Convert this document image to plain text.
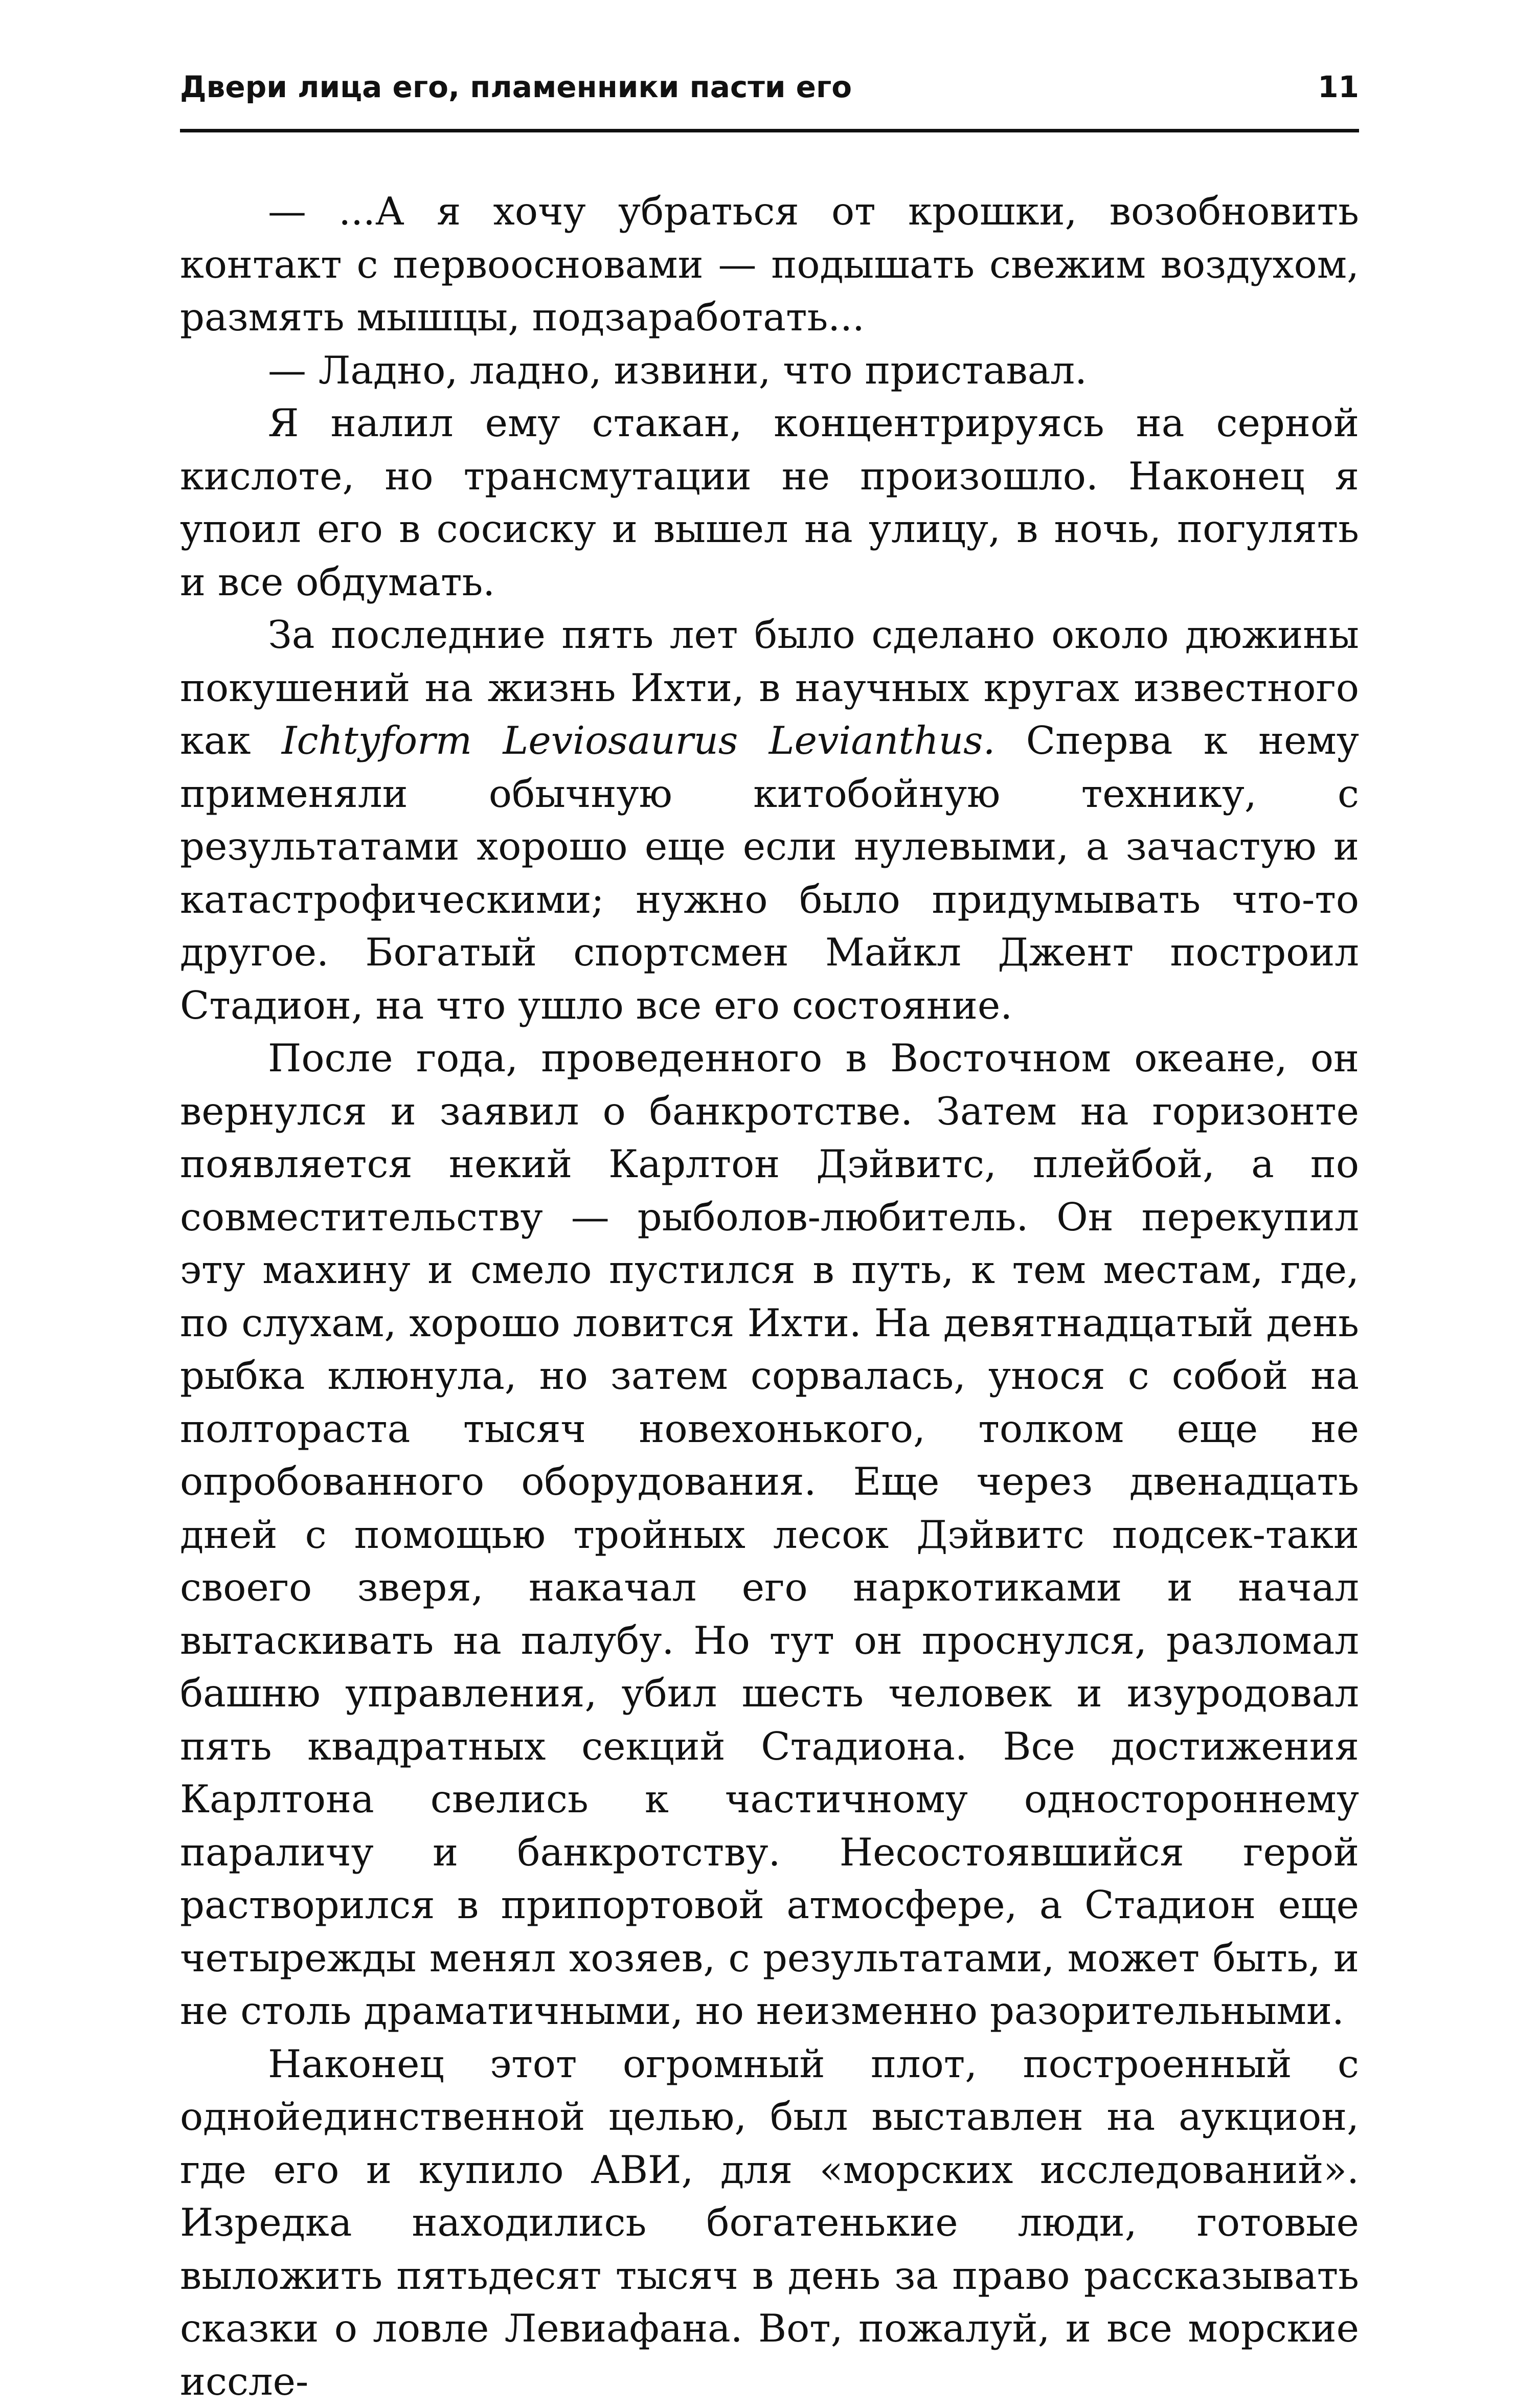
Двери лица его, пламенники пасти его	11

— ...А я хочу убраться от крошки, возобновить контакт с первоосновами — подышать свежим воздухом, размять мышцы, подзаработать...

— Ладно, ладно, извини, что приставал.

Я налил ему стакан, концентрируясь на серной кислоте, но трансмутации не произошло. Наконец я упоил его в сосиску и вышел на улицу, в ночь, погулять и все обдумать.

За последние пять лет было сделано около дюжины покушений на жизнь Ихти, в научных кругах известного как Ichtyform Leviosaurus Levianthus. Сперва к нему применяли обычную китобойную технику, с результатами хорошо еще если нулевыми, а зачастую и катастрофическими; нужно было придумывать что-то другое. Богатый спортсмен Майкл Джент построил Стадион, на что ушло все его состояние.

После года, проведенного в Восточном океане, он вернулся и заявил о банкротстве. Затем на горизонте появляется некий Карлтон Дэйвитс, плейбой, а по совместительству — рыболов-любитель. Он перекупил эту махину и смело пустился в путь, к тем местам, где, по слухам, хорошо ловится Ихти. На девятнадцатый день рыбка клюнула, но затем сорвалась, унося с собой на полтораста тысяч новехонького, толком еще не опробованного оборудования. Еще через двенадцать дней с помощью тройных лесок Дэйвитс подсек-таки своего зверя, накачал его наркотиками и начал вытаскивать на палубу. Но тут он проснулся, разломал башню управления, убил шесть человек и изуродовал пять квадратных секций Стадиона. Все достижения Карлтона свелись к частичному одностороннему параличу и банкротству. Несостоявшийся герой растворился в припортовой атмосфере, а Стадион еще четырежды менял хозяев, с результатами, может быть, и не столь драматичными, но неизменно разорительными.

Наконец этот огромный плот, построенный с однойединственной целью, был выставлен на аукцион, где его и купило АВИ, для «морских исследований». Изредка находились богатенькие люди, готовые выложить пятьдесят тысяч в день за право рассказывать сказки о ловле Левиафана. Вот, пожалуй, и все морские иссле-
